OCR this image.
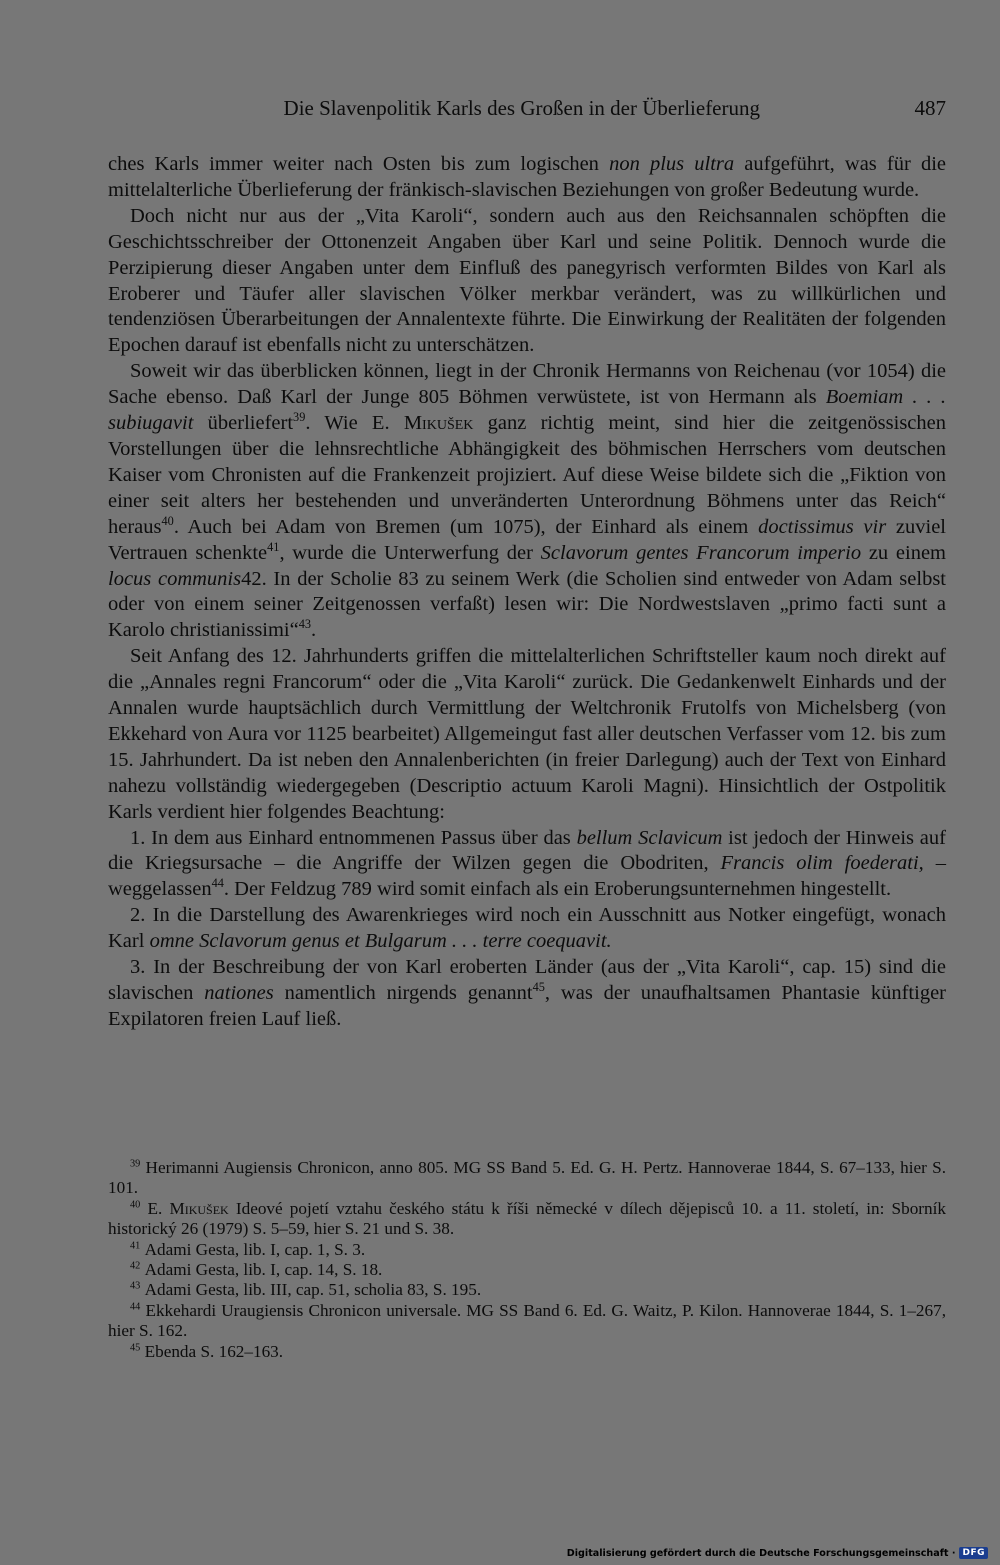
Die Slavenpolitik Karls des Großen in der Überlieferung	487

ches Karls immer weiter nach Osten bis zum logischen non plus ultra aufgeführt, was für die mittelalterliche Überlieferung der fränkisch-slavischen Beziehungen von großer Bedeutung wurde.

Doch nicht nur aus der „Vita Karoli“, sondern auch aus den Reichsannalen schöpften die Geschichtsschreiber der Ottonenzeit Angaben über Karl und seine Politik. Dennoch wurde die Perzipierung dieser Angaben unter dem Einfluß des panegyrisch verformten Bildes von Karl als Eroberer und Täufer aller slavischen Völker merkbar verändert, was zu willkürlichen und tendenziösen Überarbeitungen der Annalentexte führte. Die Einwirkung der Realitäten der folgenden Epochen darauf ist ebenfalls nicht zu unterschätzen.

Soweit wir das überblicken können, liegt in der Chronik Hermanns von Reichenau (vor 1054) die Sache ebenso. Daß Karl der Junge 805 Böhmen verwüstete, ist von Hermann als Boemiam . . . subiugavit überliefert$^{39}$. Wie E. Mikušek ganz richtig meint, sind hier die zeitgenössischen Vorstellungen über die lehnsrechtliche Abhängigkeit des böhmischen Herrschers vom deutschen Kaiser vom Chronisten auf die Frankenzeit projiziert. Auf diese Weise bildete sich die „Fiktion von einer seit alters her bestehenden und unveränderten Unterordnung Böhmens unter das Reich“ heraus$^{40}$. Auch bei Adam von Bremen (um 1075), der Einhard als einem doctissimus vir zuviel Vertrauen schenkte$^{41}$, wurde die Unterwerfung der Sclavorum gentes Francorum imperio zu einem locus communis42. In der Scholie 83 zu seinem Werk (die Scholien sind entweder von Adam selbst oder von einem seiner Zeitgenossen verfaßt) lesen wir: Die Nordwestslaven „primo facti sunt a Karolo christianissimi“$^{43}$.

Seit Anfang des 12. Jahrhunderts griffen die mittelalterlichen Schriftsteller kaum noch direkt auf die „Annales regni Francorum“ oder die „Vita Karoli“ zurück. Die Gedankenwelt Einhards und der Annalen wurde hauptsächlich durch Vermittlung der Weltchronik Frutolfs von Michelsberg (von Ekkehard von Aura vor 1125 bearbeitet) Allgemeingut fast aller deutschen Verfasser vom 12. bis zum 15. Jahrhundert. Da ist neben den Annalenberichten (in freier Darlegung) auch der Text von Einhard nahezu vollständig wiedergegeben (Descriptio actuum Karoli Magni). Hinsichtlich der Ostpolitik Karls verdient hier folgendes Beachtung:

1. In dem aus Einhard entnommenen Passus über das bellum Sclavicum ist jedoch der Hinweis auf die Kriegsursache – die Angriffe der Wilzen gegen die Obodriten, Francis olim foederati, – weggelassen$^{44}$. Der Feldzug 789 wird somit einfach als ein Eroberungsunternehmen hingestellt.

2. In die Darstellung des Awarenkrieges wird noch ein Ausschnitt aus Notker eingefügt, wonach Karl omne Sclavorum genus et Bulgarum . . . terre coequavit.

3. In der Beschreibung der von Karl eroberten Länder (aus der „Vita Karoli“, cap. 15) sind die slavischen nationes namentlich nirgends genannt$^{45}$, was der unaufhaltsamen Phantasie künftiger Expilatoren freien Lauf ließ.

$^{39}$ Herimanni Augiensis Chronicon, anno 805. MG SS Band 5. Ed. G. H. Pertz. Hannoverae 1844, S. 67–133, hier S. 101.

$^{40}$ E. Mikušek Ideové pojetí vztahu českého státu k říši německé v dílech dějepisců 10. a 11. století, in: Sborník historický 26 (1979) S. 5–59, hier S. 21 und S. 38.

$^{41}$ Adami Gesta, lib. I, cap. 1, S. 3.

$^{42}$ Adami Gesta, lib. I, cap. 14, S. 18.

$^{43}$ Adami Gesta, lib. III, cap. 51, scholia 83, S. 195.

$^{44}$ Ekkehardi Uraugiensis Chronicon universale. MG SS Band 6. Ed. G. Waitz, P. Kilon. Hannoverae 1844, S. 1–267, hier S. 162.

$^{45}$ Ebenda S. 162–163.

Digitalisierung gefördert durch die Deutsche Forschungsgemeinschaft · DFG
